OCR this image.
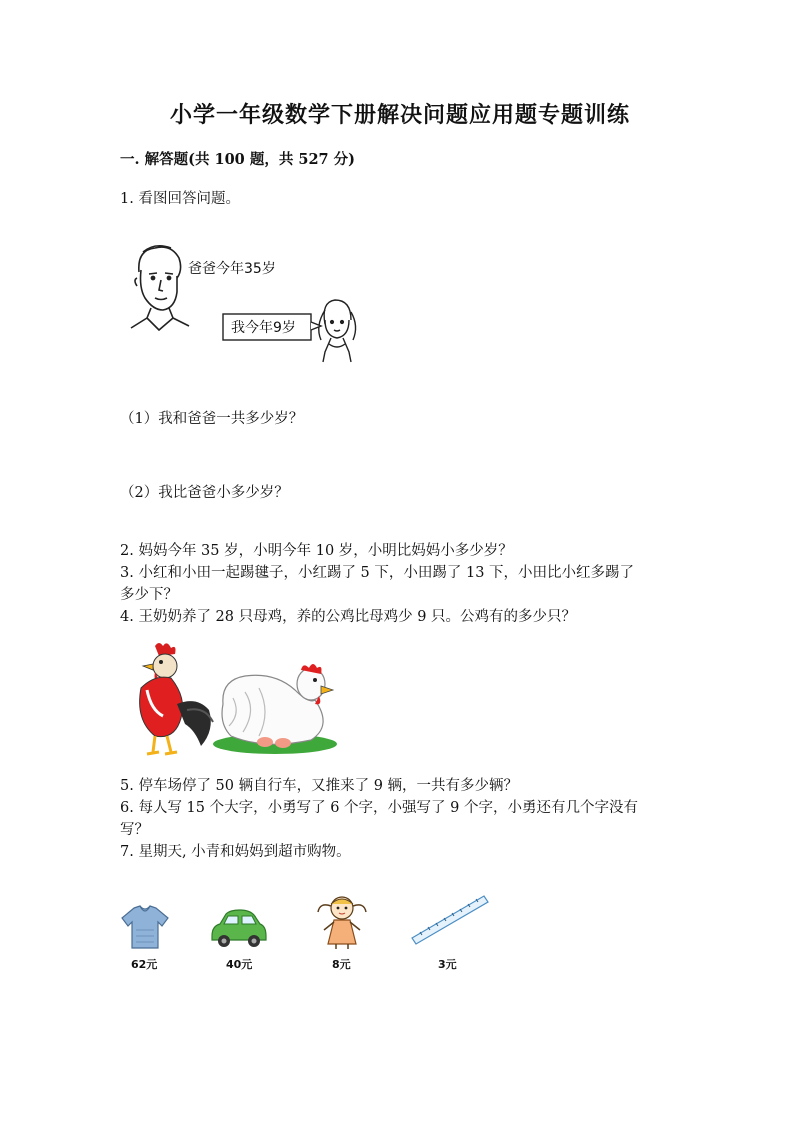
小学一年级数学下册解决问题应用题专题训练
一. 解答题(共 100 题，共 527 分)
1. 看图回答问题。
爸爸今年35岁
我今年9岁
（1）我和爸爸一共多少岁？
（2）我比爸爸小多少岁？
2. 妈妈今年 35 岁，小明今年 10 岁，小明比妈妈小多少岁？
3. 小红和小田一起踢毽子，小红踢了 5 下，小田踢了 13 下，小田比小红多踢了
多少下？
4. 王奶奶养了 28 只母鸡，养的公鸡比母鸡少 9 只。公鸡有的多少只？
5. 停车场停了 50 辆自行车，又推来了 9 辆，一共有多少辆？
6. 每人写 15 个大字，小勇写了 6 个字，小强写了 9 个字，小勇还有几个字没有
写？
7. 星期天, 小青和妈妈到超市购物。
62元	40元	8元	3元
